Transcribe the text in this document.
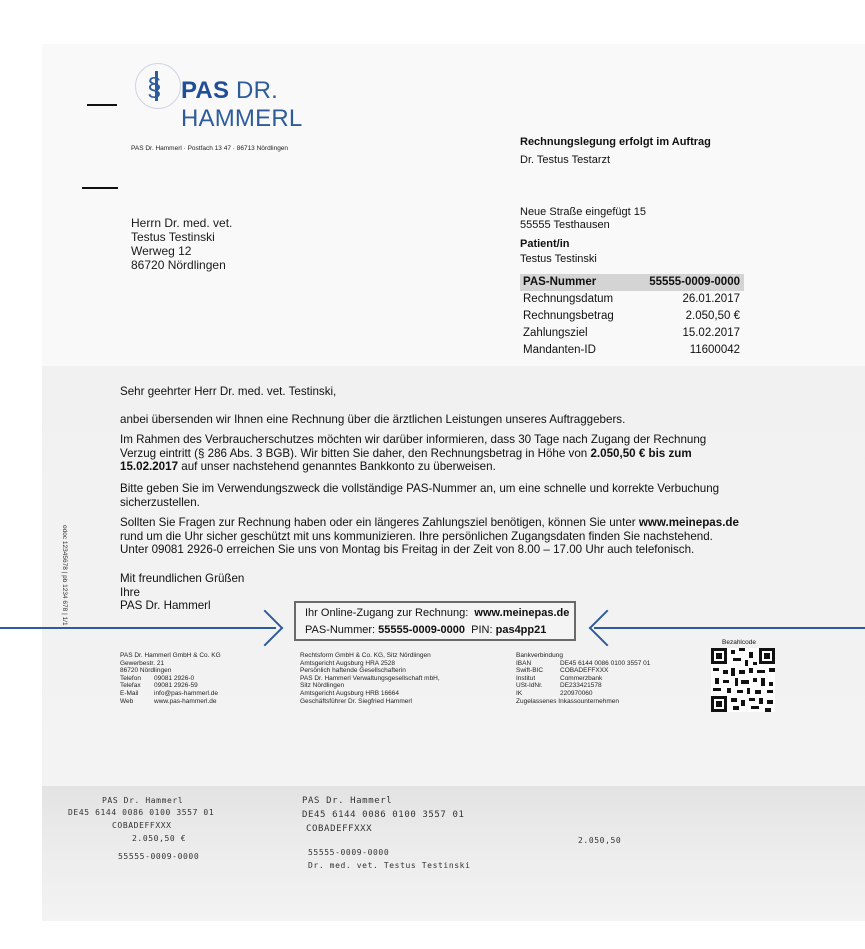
§ PAS DR. HAMMERL
PAS Dr. Hammerl · Postfach 13 47 · 86713 Nördlingen
Herrn Dr. med. vet.
Testus Testinski
Werweg 12
86720 Nördlingen
Rechnungslegung erfolgt im Auftrag
Dr. Testus Testarzt
Neue Straße eingefügt 15
55555 Testhausen
Patient/in
Testus Testinski
PAS-Nummer	55555-0009-0000
Rechnungsdatum	26.01.2017
Rechnungsbetrag	2.050,50 €
Zahlungsziel	15.02.2017
Mandanten-ID	11600042
Sehr geehrter Herr Dr. med. vet. Testinski,
anbei übersenden wir Ihnen eine Rechnung über die ärztlichen Leistungen unseres Auftraggebers.
Im Rahmen des Verbraucherschutzes möchten wir darüber informieren, dass 30 Tage nach Zugang der Rechnung
Verzug eintritt (§ 286 Abs. 3 BGB). Wir bitten Sie daher, den Rechnungsbetrag in Höhe von 2.050,50 € bis zum
15.02.2017 auf unser nachstehend genanntes Bankkonto zu überweisen.
Bitte geben Sie im Verwendungszweck die vollständige PAS-Nummer an, um eine schnelle und korrekte Verbuchung
sicherzustellen.
Sollten Sie Fragen zur Rechnung haben oder ein längeres Zahlungsziel benötigen, können Sie unter www.meinepas.de
rund um die Uhr sicher geschützt mit uns kommunizieren. Ihre persönlichen Zugangsdaten finden Sie nachstehend.
Unter 09081 2926-0 erreichen Sie uns von Montag bis Freitag in der Zeit von 8.00 – 17.00 Uhr auch telefonisch.
Mit freundlichen Grüßen
Ihre
PAS Dr. Hammerl
Ihr Online-Zugang zur Rechnung: www.meinepas.de
PAS-Nummer: 55555-0009-0000 PIN: pas4pp21
odoc 12345678 | pb 1234 678 | 1/1
PAS Dr. Hammerl GmbH & Co. KG
Gewerbestr. 21
86720 Nördlingen
Telefon 09081 2926-0
Telefax 09081 2926-59
E-Mail info@pas-hammerl.de
Web	www.pas-hammerl.de
Rechtsform GmbH & Co. KG, Sitz Nördlingen
Amtsgericht Augsburg HRA 2528
Persönlich haftende Gesellschafterin
PAS Dr. Hammerl Verwaltungsgesellschaft mbH,
Sitz Nördlingen
Amtsgericht Augsburg HRB 16664
Geschäftsführer Dr. Siegfried Hammerl
Bankverbindung
IBAN	DE45 6144 0086 0100 3557 01
Swift-BIC	COBADEFFXXX
Institut	Commerzbank
USt-IdNr.	DE233421578
IK	220970060
Zugelassenes Inkassounternehmen
Bezahlcode
PAS Dr. Hammerl
DE45 6144 0086 0100 3557 01
COBADEFFXXX
2.050,50 €
55555-0009-0000
PAS Dr. Hammerl
DE45 6144 0086 0100 3557 01
COBADEFFXXX
2.050,50
55555-0009-0000
Dr. med. vet. Testus Testinski
